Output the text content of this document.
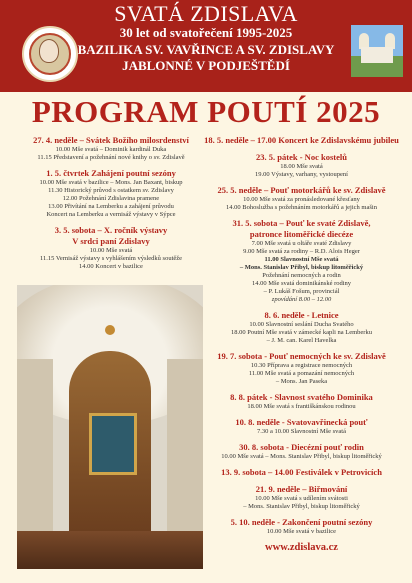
SVATÁ ZDISLAVA
30 let od svatořečení 1995-2025
BAZILIKA SV. VAVŘINCE A SV. ZDISLAVY
JABLONNÉ V PODJEŠTĚDÍ
PROGRAM POUTÍ 2025
27. 4. neděle – Svátek Božího milosrdenství
10.00 Mše svatá – Dominik kardinál Duka
11.15 Představení a požehnání nové knihy o sv. Zdislavě
1. 5. čtvrtek Zahájení poutní sezóny
10.00 Mše svatá v bazilice – Mons. Jan Baxant, biskup
11.30 Historický průvod s ostatkem sv. Zdislavy
12.00 Požehnání Zdislavina pramene
13.00 Přivítání na Lemberku a zahájení průvodu
Koncert na Lemberku a vernisáž výstavy v Sýpce
3. 5. sobota – X. ročník výstavy
V srdci paní Zdislavy
10.00 Mše svatá
11.15 Vernisáž výstavy s vyhlášením výsledků soutěže
14.00 Koncert v bazilice
18. 5. neděle – 17.00 Koncert ke Zdislavskému jubileu
23. 5. pátek - Noc kostelů
18.00 Mše svatá
19.00 Výstavy, varhany, vystoupení
25. 5. neděle – Pouť motorkářů ke sv. Zdislavě
10.00 Mše svatá za pronásledované křesťany
14.00 Bohoslužba s požehnáním motorkářů a jejich mašin
31. 5. sobota – Pouť ke svaté Zdislavě,
patronce litoměřické diecéze
7.00 Mše svatá u oltáře svaté Zdislavy
9.00 Mše svatá za rodiny – R.D. Alois Heger
11.00 Slavnostní Mše svatá
– Mons. Stanislav Přibyl, biskup litoměřický
Požehnání nemocných a rodin
14.00 Mše svatá dominikánské rodiny
– P. Lukáš Fošum, provinciál
zpovídání 8.00 – 12.00
8. 6. neděle - Letnice
10.00 Slavnostní seslání Ducha Svatého
18.00 Poutní Mše svatá v zámecké kapli na Lemberku
– J. M. can. Karel Havelka
19. 7. sobota - Pouť nemocných ke sv. Zdislavě
10.30 Příprava a registrace nemocných
11.00 Mše svatá a pomazání nemocných
– Mons. Jan Paseka
8. 8. pátek - Slavnost svatého Dominika
18.00 Mše svatá s františkánskou rodinou
10. 8. neděle - Svatovavřinecká pouť
7.30 a 10.00 Slavnostní Mše svatá
30. 8. sobota - Diecézní pouť rodin
10.00 Mše svatá – Mons. Stanislav Přibyl, biskup litoměřický
13. 9. sobota – 14.00 Festiválek v Petrovicích
21. 9. neděle – Biřmování
10.00 Mše svatá s udílením svátosti
– Mons. Stanislav Přibyl, biskup litoměřický
5. 10. neděle - Zakončení poutní sezóny
10.00 Mše svatá v bazilice
www.zdislava.cz
